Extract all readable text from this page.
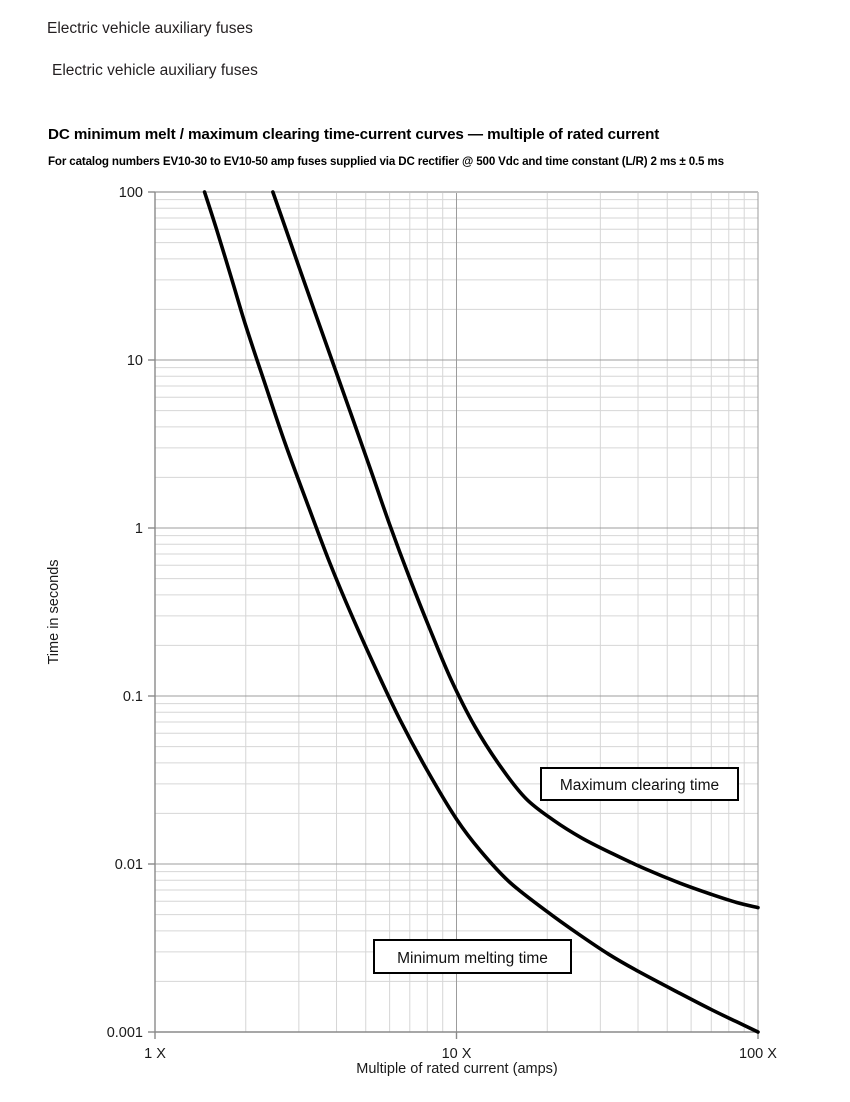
Electric vehicle auxiliary fuses
Electric vehicle auxiliary fuses
DC minimum melt / maximum clearing time-current curves — multiple of rated current
For catalog numbers EV10-30 to EV10-50 amp fuses supplied via DC rectifier @ 500 Vdc and time constant (L/R) 2 ms ± 0.5 ms
100
10
1
0.1
0.01
0.001
1 X	10 X	100 X
Maximum clearing time
Minimum melting time
Time in seconds
Multiple of rated current (amps)
